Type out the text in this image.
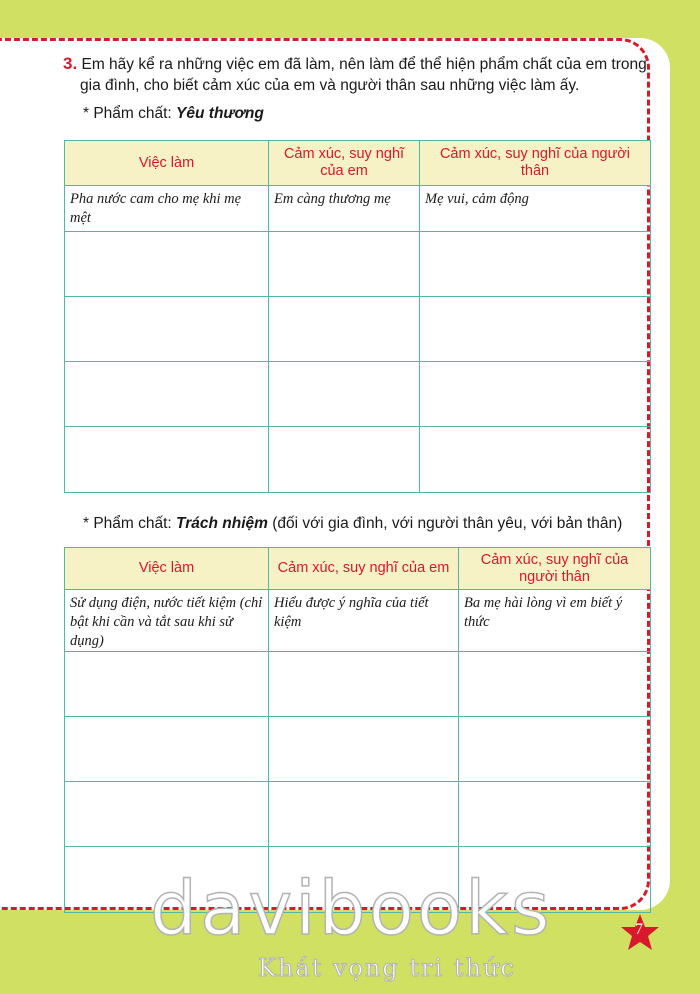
3. Em hãy kể ra những việc em đã làm, nên làm để thể hiện phẩm chất của em trong
gia đình, cho biết cảm xúc của em và người thân sau những việc làm ấy.
* Phẩm chất: Yêu thương
Việc làm	Cảm xúc, suy nghĩ của em	Cảm xúc, suy nghĩ của người thân
Pha nước cam cho mẹ khi mẹ mệt	Em càng thương mẹ	Mẹ vui, cảm động

* Phẩm chất: Trách nhiệm (đối với gia đình, với người thân yêu, với bản thân)
Việc làm	Cảm xúc, suy nghĩ của em	Cảm xúc, suy nghĩ của người thân
Sử dụng điện, nước tiết kiệm (chỉ bật khi cần và tắt sau khi sử dụng)	Hiểu được ý nghĩa của tiết kiệm	Ba mẹ hài lòng vì em biết ý thức

davibooks
Khát vọng tri thức
7
